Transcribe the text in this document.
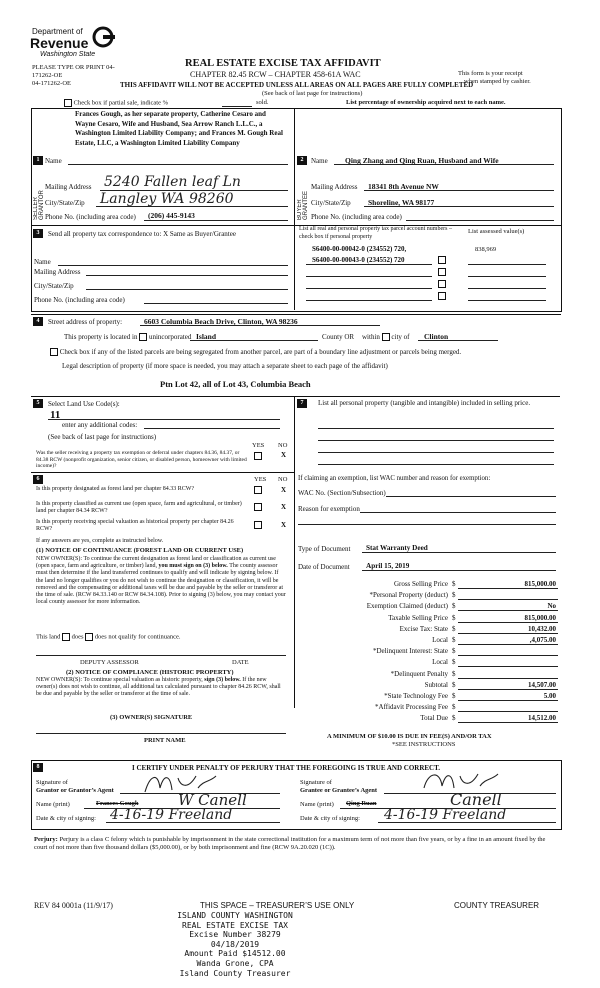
Department of
Revenue
Washington State
PLEASE TYPE OR PRINT 04-
171262-OE
04-171262-OE
REAL ESTATE EXCISE TAX AFFIDAVIT
CHAPTER 82.45 RCW – CHAPTER 458-61A WAC
THIS AFFIDAVIT WILL NOT BE ACCEPTED UNLESS ALL AREAS ON ALL PAGES ARE FULLY COMPLETED
(See back of last page for instructions)
This form is your receipt
when stamped by cashier.
Check box if partial sale, indicate %	sold.	List percentage of ownership acquired next to each name.
SELLER GRANTOR
Frances Gough, as her separate property, Catherine Cesaro and Wayne Cesaro, Wife and Husband, Sea Arrow Ranch L.L.C., a Washington Limited Liability Company; and Frances M. Gough Real Estate, LLC, a Washington Limited Liability Company
1 Name
Mailing Address 5240 Fallen leaf Ln
City/State/Zip Langley WA 98260
Phone No. (including area code) (206) 445-9143	BUYER GRANTEE
2	Name Qing Zhang and Qing Ruan, Husband and Wife
Mailing Address 18341 8th Avenue NW
City/State/Zip Shoreline, WA 98177
Phone No. (including area code)
3	Send all property tax correspondence to: X Same as Buyer/Grantee
Name
Mailing Address
City/State/Zip
Phone No. (including area code)
List all real and personal property tax parcel account numbers – check box if personal property
List assessed value(s)
S6400-00-00042-0 (234552) 720,
S6400-00-00043-0 (234552) 720
838,969
4	Street address of property:	6603 Columbia Beach Drive, Clinton, WA 98236
This property is located in unincorporated Island	County OR within city of Clinton
Check box if any of the listed parcels are being segregated from another parcel, are part of a boundary line adjustment or parcels being merged.
Legal description of property (if more space is needed, you may attach a separate sheet to each page of the affidavit)
Ptn Lot 42, all of Lot 43, Columbia Beach
5	Select Land Use Code(s):
11
enter any additional codes:
(See back of last page for instructions)
YES NO
Was the seller receiving a property tax exemption or deferral under chapters 84.36, 84.37, or 84.38 RCW (nonprofit organization, senior citizen, or disabled person, homeowner with limited income)?
X
6	YES NO
Is this property designated as forest land per chapter 84.33 RCW?	X
Is this property classified as current use (open space, farm and agricultural, or timber) land per chapter 84.34 RCW?	X
Is this property receiving special valuation as historical property per chapter 84.26 RCW?	X
If any answers are yes, complete as instructed below.
(1) NOTICE OF CONTINUANCE (FOREST LAND OR CURRENT USE)
NEW OWNER(S): To continue the current designation as forest land or classification as current use (open space, farm and agriculture, or timber) land, you must sign on (3) below. The county assessor must then determine if the land transferred continues to qualify and will indicate by signing below. If the land no longer qualifies or you do not wish to continue the designation or classification, it will be removed and the compensating or additional taxes will be due and payable by the seller or transferor at the time of sale. (RCW 84.33.140 or RCW 84.34.108). Prior to signing (3) below, you may contact your local county assessor for more information.
This land does does not qualify for continuance.
DEPUTY ASSESSOR	DATE
(2) NOTICE OF COMPLIANCE (HISTORIC PROPERTY)
NEW OWNER(S): To continue special valuation as historic property, sign (3) below. If the new owner(s) does not wish to continue, all additional tax calculated pursuant to chapter 84.26 RCW, shall be due and payable by the seller or transferor at the time of sale.
(3) OWNER(S) SIGNATURE
PRINT NAME
7	List all personal property (tangible and intangible) included in selling price.
If claiming an exemption, list WAC number and reason for exemption:
WAC No. (Section/Subsection)
Reason for exemption
Type of Document Stat Warranty Deed
Date of Document April 15, 2019
Gross Selling Price $	815,000.00
*Personal Property (deduct) $
Exemption Claimed (deduct) $	No
Taxable Selling Price $	815,000.00
Excise Tax: State $	10,432.00
Local $	,4,075.00
*Delinquent Interest: State $
Local $
*Delinquent Penalty $
Subtotal $	14,507.00
*State Technology Fee $	5.00
*Affidavit Processing Fee $
Total Due $	14,512.00
A MINIMUM OF $10.00 IS DUE IN FEE(S) AND/OR TAX
*SEE INSTRUCTIONS
8	I CERTIFY UNDER PENALTY OF PERJURY THAT THE FOREGOING IS TRUE AND CORRECT.
Signature of
Grantor or Grantor’s Agent
Name (print)	Frances Gough	W Canell
Date & city of signing: 4-16-19 Freeland
Signature of
Grantee or Grantee’s Agent
Name (print) Qing Ruan	Canell
Date & city of signing: 4-16-19 Freeland
Perjury: Perjury is a class C felony which is punishable by imprisonment in the state correctional institution for a maximum term of not more than five years, or by a fine in an amount fixed by the court of not more than five thousand dollars ($5,000.00), or by both imprisonment and fine (RCW 9A.20.020 (1C)).
REV 84 0001a (11/9/17)	THIS SPACE – TREASURER’S USE ONLY	COUNTY TREASURER
ISLAND COUNTY WASHINGTON
REAL ESTATE EXCISE TAX
Excise Number 38279
04/18/2019
Amount Paid $14512.00
Wanda Grone, CPA
Island County Treasurer
